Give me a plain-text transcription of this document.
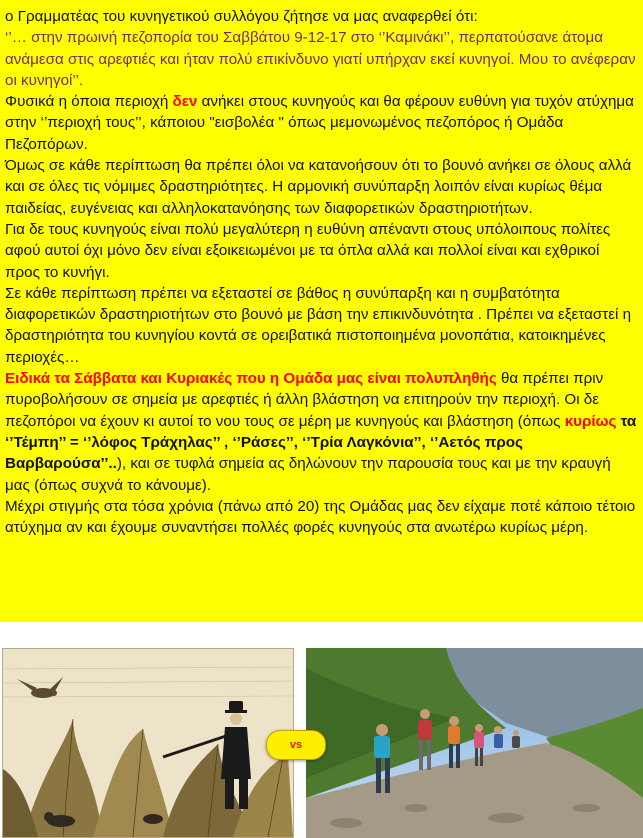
ο Γραμματέας του κυνηγετικού συλλόγου ζήτησε να μας αναφερθεί ότι:

‘’… στην πρωινή πεζοπορία του Σαββάτου 9-12-17 στο ‘’Καμινάκι’’, περπατούσανε άτομα ανάμεσα στις αρεφτιές και ήταν πολύ επικίνδυνο γιατί υπήρχαν εκεί κυνηγοί. Μου το ανέφεραν οι κυνηγοί’’.

Φυσικά η όποια περιοχή δεν ανήκει στους κυνηγούς και θα φέρουν ευθύνη για τυχόν ατύχημα στην ‘’περιοχή τους’’, κάποιου "εισβολέα " όπως μεμονωμένος πεζοπόρος ή Ομάδα Πεζοπόρων.

Όμως σε κάθε περίπτωση θα πρέπει όλοι να κατανοήσουν ότι το βουνό ανήκει σε όλους αλλά και σε όλες τις νόμιμες δραστηριότητες. Η αρμονική συνύπαρξη λοιπόν είναι κυρίως θέμα παιδείας, ευγένειας και αλληλοκατανόησης των διαφορετικών δραστηριοτήτων.

Για δε τους κυνηγούς είναι πολύ μεγαλύτερη η ευθύνη απέναντι στους υπόλοιπους πολίτες αφού αυτοί όχι μόνο δεν είναι εξοικειωμένοι με τα όπλα αλλά και πολλοί είναι και εχθρικοί προς το κυνήγι.

Σε κάθε περίπτωση πρέπει να εξεταστεί σε βάθος η συνύπαρξη και η συμβατότητα διαφορετικών δραστηριοτήτων στο βουνό με βάση την επικινδυνότητα . Πρέπει να εξεταστεί η δραστηριότητα του κυνηγίου κοντά σε ορειβατικά πιστοποιημένα μονοπάτια, κατοικημένες περιοχές…

Ειδικά τα Σάββατα και Κυριακές που η Ομάδα μας είναι πολυπληθής θα πρέπει πριν πυροβολήσουν σε σημεία με αρεφτιές ή άλλη βλάστηση να επιτηρούν την περιοχή. Οι δε πεζοπόροι να έχουν κι αυτοί το νου τους σε μέρη με κυνηγούς και βλάστηση (όπως κυρίως τα ‘’Τέμπη’’ = ‘’λόφος Τράχηλας’’ , ‘’Ράσες’’, ‘’Τρία Λαγκόνια’’, ‘’Αετός προς Βαρβαρούσα’’..), και σε τυφλά σημεία ας δηλώνουν την παρουσία τους και με την κραυγή μας (όπως συχνά το κάνουμε).

Μέχρι στιγμής στα τόσα χρόνια (πάνω από 20) της Ομάδας μας δεν είχαμε ποτέ κάποιο τέτοιο ατύχημα αν και έχουμε συναντήσει πολλές φορές κυνηγούς στα ανωτέρω κυρίως μέρη.

vs
